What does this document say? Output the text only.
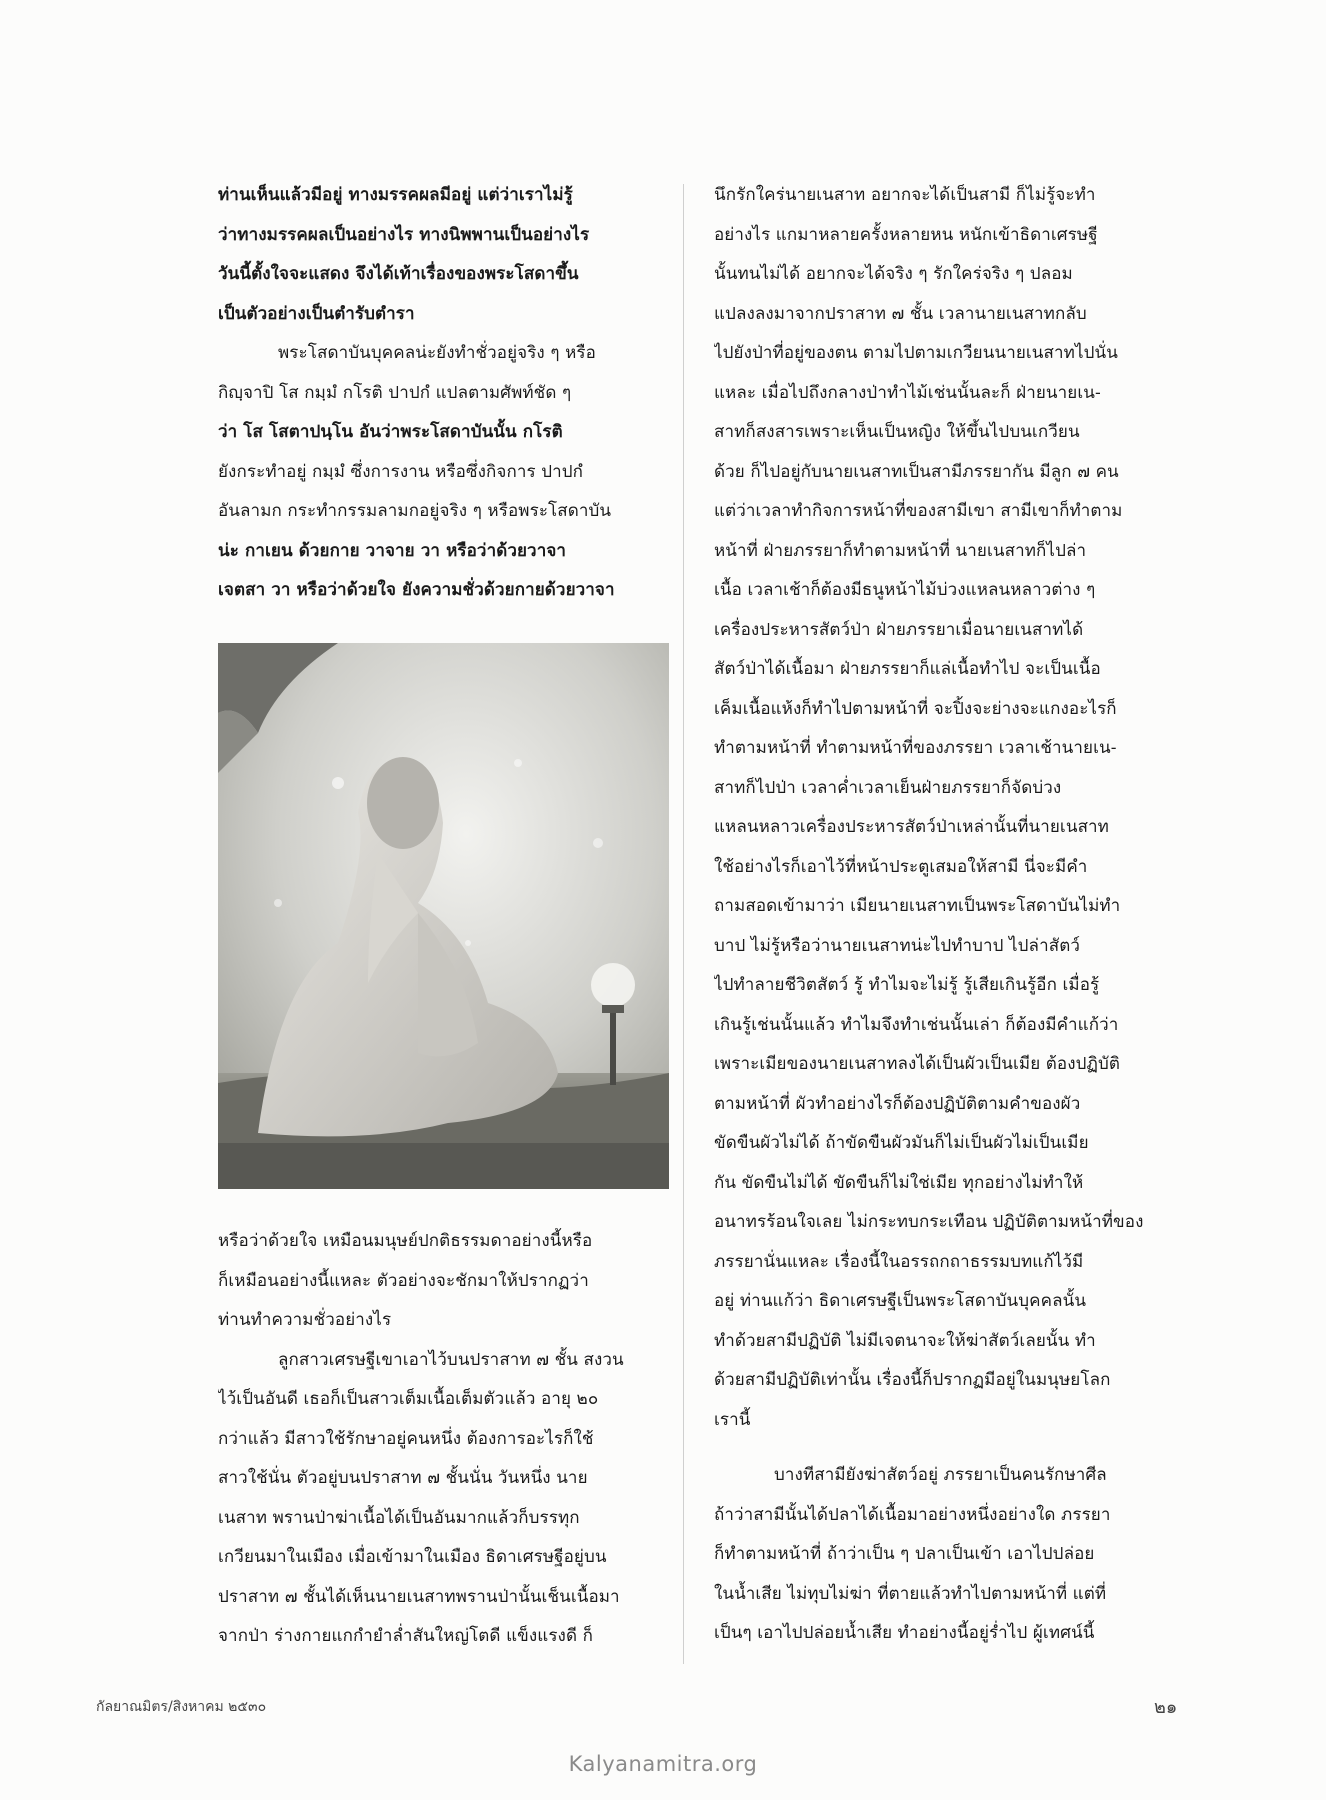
ท่านเห็นแล้วมีอยู่ ทางมรรคผลมีอยู่ แต่ว่าเราไม่รู้
ว่าทางมรรคผลเป็นอย่างไร ทางนิพพานเป็นอย่างไร
วันนี้ตั้งใจจะแสดง จึงได้เท้าเรื่องของพระโสดาขึ้น
เป็นตัวอย่างเป็นตำรับตำรา
พระโสดาบันบุคคลน่ะยังทำชั่วอยู่จริง ๆ หรือ
กิญฺจาปิ โส กมฺมํ กโรติ ปาปกํ แปลตามศัพท์ชัด ๆ
ว่า โส โสตาปนฺโน อันว่าพระโสดาบันนั้น กโรติ
ยังกระทำอยู่ กมฺมํ ซึ่งการงาน หรือซึ่งกิจการ ปาปกํ
อันลามก กระทำกรรมลามกอยู่จริง ๆ หรือพระโสดาบัน
น่ะ กาเยน ด้วยกาย วาจาย วา หรือว่าด้วยวาจา
เจตสา วา หรือว่าด้วยใจ ยังความชั่วด้วยกายด้วยวาจา
หรือว่าด้วยใจ เหมือนมนุษย์ปกติธรรมดาอย่างนี้หรือ
ก็เหมือนอย่างนี้แหละ ตัวอย่างจะชักมาให้ปรากฏว่า
ท่านทำความชั่วอย่างไร
ลูกสาวเศรษฐีเขาเอาไว้บนปราสาท ๗ ชั้น สงวน
ไว้เป็นอันดี เธอก็เป็นสาวเต็มเนื้อเต็มตัวแล้ว อายุ ๒๐
กว่าแล้ว มีสาวใช้รักษาอยู่คนหนึ่ง ต้องการอะไรก็ใช้
สาวใช้นั่น ตัวอยู่บนปราสาท ๗ ชั้นนั่น วันหนึ่ง นาย
เนสาท พรานป่าฆ่าเนื้อได้เป็นอันมากแล้วก็บรรทุก
เกวียนมาในเมือง เมื่อเข้ามาในเมือง ธิดาเศรษฐีอยู่บน
ปราสาท ๗ ชั้นได้เห็นนายเนสาทพรานป่านั้นเช็นเนื้อมา
จากป่า ร่างกายแกกำยำล่ำสันใหญ่โตดี แข็งแรงดี ก็
นึกรักใคร่นายเนสาท อยากจะได้เป็นสามี ก็ไม่รู้จะทำ
อย่างไร แกมาหลายครั้งหลายหน หนักเข้าธิดาเศรษฐี
นั้นทนไม่ได้ อยากจะได้จริง ๆ รักใคร่จริง ๆ ปลอม
แปลงลงมาจากปราสาท ๗ ชั้น เวลานายเนสาทกลับ
ไปยังป่าที่อยู่ของตน ตามไปตามเกวียนนายเนสาทไปนั่น
แหละ เมื่อไปถึงกลางป่าทำไม้เช่นนั้นละก็ ฝ่ายนายเน-
สาทก็สงสารเพราะเห็นเป็นหญิง ให้ขึ้นไปบนเกวียน
ด้วย ก็ไปอยู่กับนายเนสาทเป็นสามีภรรยากัน มีลูก ๗ คน
แต่ว่าเวลาทำกิจการหน้าที่ของสามีเขา สามีเขาก็ทำตาม
หน้าที่ ฝ่ายภรรยาก็ทำตามหน้าที่ นายเนสาทก็ไปล่า
เนื้อ เวลาเช้าก็ต้องมีธนูหน้าไม้บ่วงแหลนหลาวต่าง ๆ
เครื่องประหารสัตว์ป่า ฝ่ายภรรยาเมื่อนายเนสาทได้
สัตว์ป่าได้เนื้อมา ฝ่ายภรรยาก็แล่เนื้อทำไป จะเป็นเนื้อ
เค็มเนื้อแห้งก็ทำไปตามหน้าที่ จะปิ้งจะย่างจะแกงอะไรก็
ทำตามหน้าที่ ทำตามหน้าที่ของภรรยา เวลาเช้านายเน-
สาทก็ไปป่า เวลาค่ำเวลาเย็นฝ่ายภรรยาก็จัดบ่วง
แหลนหลาวเครื่องประหารสัตว์ป่าเหล่านั้นที่นายเนสาท
ใช้อย่างไรก็เอาไว้ที่หน้าประตูเสมอให้สามี นี่จะมีคำ
ถามสอดเข้ามาว่า เมียนายเนสาทเป็นพระโสดาบันไม่ทำ
บาป ไม่รู้หรือว่านายเนสาทน่ะไปทำบาป ไปล่าสัตว์
ไปทำลายชีวิตสัตว์ รู้ ทำไมจะไม่รู้ รู้เสียเกินรู้อีก เมื่อรู้
เกินรู้เช่นนั้นแล้ว ทำไมจึงทำเช่นนั้นเล่า ก็ต้องมีคำแก้ว่า
เพราะเมียของนายเนสาทลงได้เป็นผัวเป็นเมีย ต้องปฏิบัติ
ตามหน้าที่ ผัวทำอย่างไรก็ต้องปฏิบัติตามคำของผัว
ขัดขืนผัวไม่ได้ ถ้าขัดขืนผัวมันก็ไม่เป็นผัวไม่เป็นเมีย
กัน ขัดขืนไม่ได้ ขัดขืนก็ไม่ใช่เมีย ทุกอย่างไม่ทำให้
อนาทรร้อนใจเลย ไม่กระทบกระเทือน ปฏิบัติตามหน้าที่ของ
ภรรยานั่นแหละ เรื่องนี้ในอรรถกถาธรรมบทแก้ไว้มี
อยู่ ท่านแก้ว่า ธิดาเศรษฐีเป็นพระโสดาบันบุคคลนั้น
ทำด้วยสามีปฏิบัติ ไม่มีเจตนาจะให้ฆ่าสัตว์เลยนั้น ทำ
ด้วยสามีปฏิบัติเท่านั้น เรื่องนี้ก็ปรากฏมีอยู่ในมนุษยโลก
เรานี้
บางทีสามียังฆ่าสัตว์อยู่ ภรรยาเป็นคนรักษาศีล
ถ้าว่าสามีนั้นได้ปลาได้เนื้อมาอย่างหนึ่งอย่างใด ภรรยา
ก็ทำตามหน้าที่ ถ้าว่าเป็น ๆ ปลาเป็นเข้า เอาไปปล่อย
ในน้ำเสีย ไม่ทุบไม่ฆ่า ที่ตายแล้วทำไปตามหน้าที่ แต่ที่
เป็นๆ เอาไปปล่อยน้ำเสีย ทำอย่างนี้อยู่ร่ำไป ผู้เทศน์นี้
กัลยาณมิตร/สิงหาคม ๒๕๓๐	๒๑
Kalyanamitra.org
